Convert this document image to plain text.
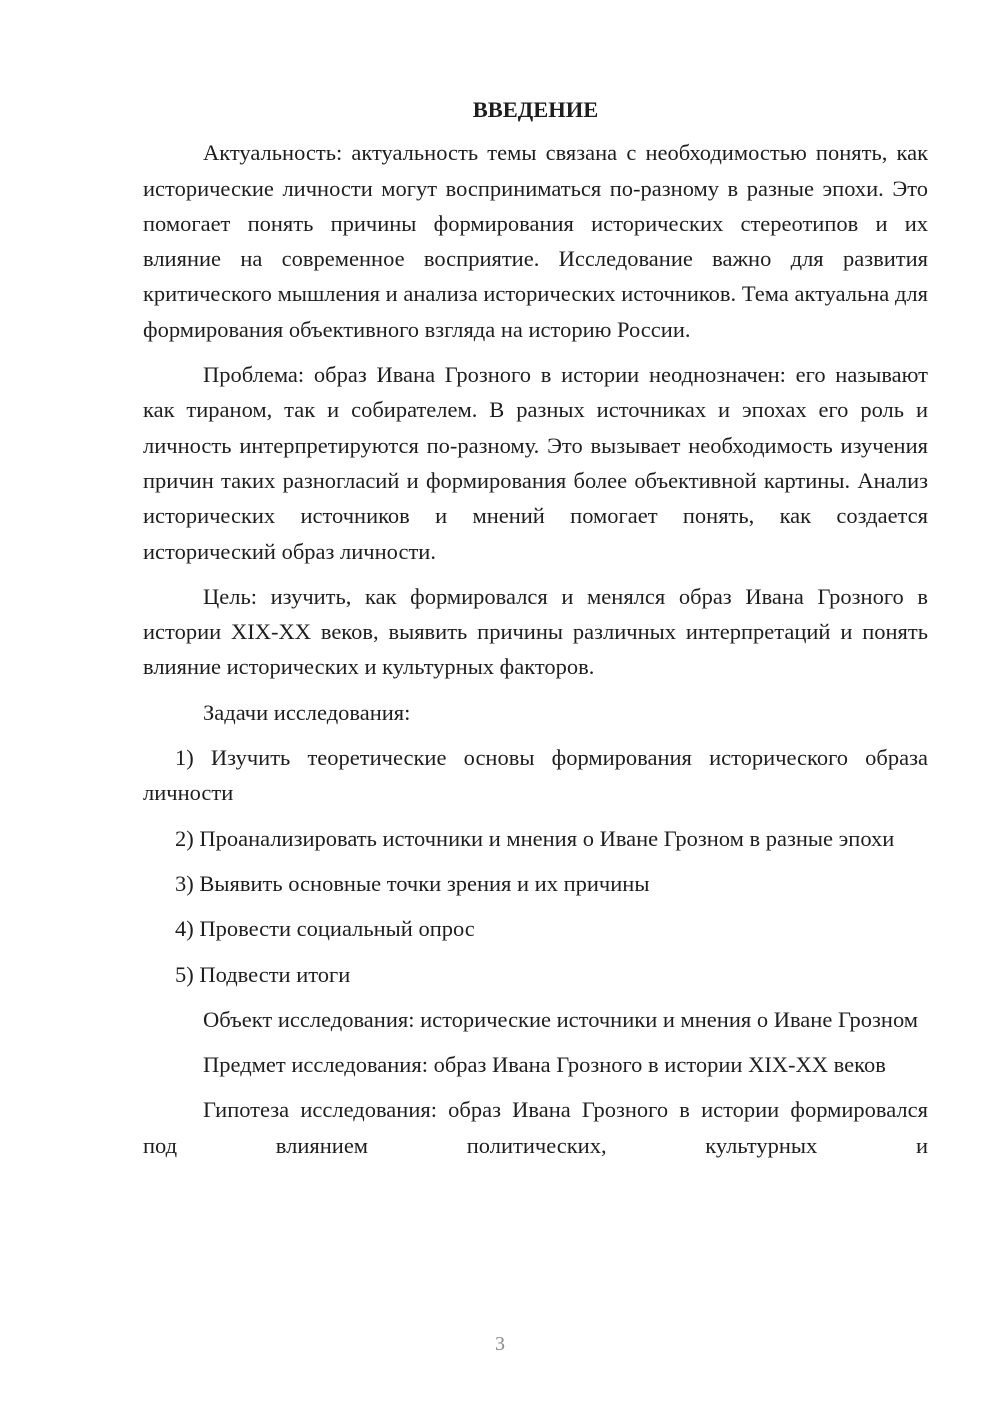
ВВЕДЕНИЕ

Актуальность: актуальность темы связана с необходимостью понять, как исторические личности могут восприниматься по-разному в разные эпохи. Это помогает понять причины формирования исторических стереотипов и их влияние на современное восприятие. Исследование важно для развития критического мышления и анализа исторических источников. Тема актуальна для формирования объективного взгляда на историю России.

Проблема: образ Ивана Грозного в истории неоднозначен: его называют как тираном, так и собирателем. В разных источниках и эпохах его роль и личность интерпретируются по-разному. Это вызывает необходимость изучения причин таких разногласий и формирования более объективной картины. Анализ исторических источников и мнений помогает понять, как создается исторический образ личности.

Цель: изучить, как формировался и менялся образ Ивана Грозного в истории XIX-XX веков, выявить причины различных интерпретаций и понять влияние исторических и культурных факторов.

Задачи исследования:

1) Изучить теоретические основы формирования исторического образа личности

2) Проанализировать источники и мнения о Иване Грозном в разные эпохи

3) Выявить основные точки зрения и их причины

4) Провести социальный опрос

5) Подвести итоги

Объект исследования: исторические источники и мнения о Иване Грозном

Предмет исследования: образ Ивана Грозного в истории XIX-XX веков

Гипотеза исследования: образ Ивана Грозного в истории формировался под влиянием политических, культурных и

3
